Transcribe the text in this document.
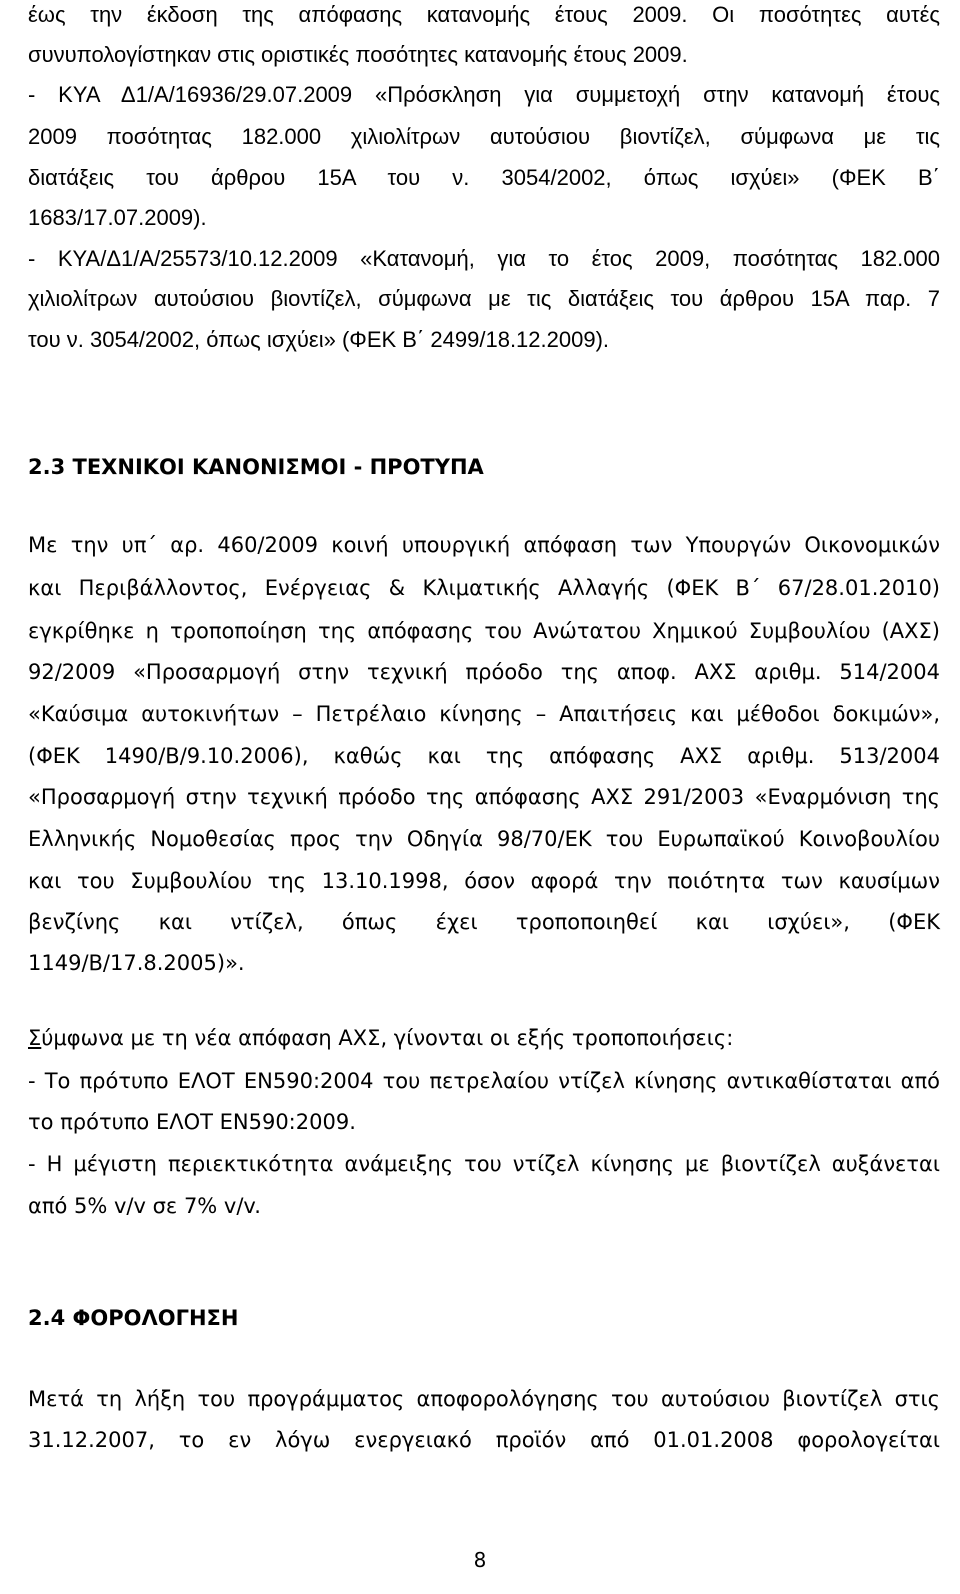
έως την έκδοση της απόφασης κατανομής έτους 2009. Οι ποσότητες αυτές

συνυπολογίστηκαν στις οριστικές ποσότητες κατανομής έτους 2009.

- ΚΥΑ Δ1/Α/16936/29.07.2009 «Πρόσκληση για συμμετοχή στην κατανομή έτους

2009 ποσότητας 182.000 χιλιολίτρων αυτούσιου βιοντίζελ, σύμφωνα με τις

διατάξεις του άρθρου 15Α του ν. 3054/2002, όπως ισχύει» (ΦΕΚ Β΄

1683/17.07.2009).

- ΚΥΑ/Δ1/Α/25573/10.12.2009 «Κατανομή, για το έτος 2009, ποσότητας 182.000

χιλιολίτρων αυτούσιου βιοντίζελ, σύμφωνα με τις διατάξεις του άρθρου 15Α παρ. 7

του ν. 3054/2002, όπως ισχύει» (ΦΕΚ Β΄ 2499/18.12.2009).

2.3 ΤΕΧΝΙΚΟΙ ΚΑΝΟΝΙΣΜΟΙ - ΠΡΟΤΥΠΑ

Με την υπ΄ αρ. 460/2009 κοινή υπουργική απόφαση των Υπουργών Οικονομικών

και Περιβάλλοντος, Ενέργειας & Κλιματικής Αλλαγής (ΦΕΚ Β΄ 67/28.01.2010)

εγκρίθηκε η τροποποίηση της απόφασης του Ανώτατου Χημικού Συμβουλίου (ΑΧΣ)

92/2009 «Προσαρμογή στην τεχνική πρόοδο της αποφ. ΑΧΣ αριθμ. 514/2004

«Καύσιμα αυτοκινήτων – Πετρέλαιο κίνησης – Απαιτήσεις και μέθοδοι δοκιμών»,

(ΦΕΚ 1490/Β/9.10.2006), καθώς και της απόφασης ΑΧΣ αριθμ. 513/2004

«Προσαρμογή στην τεχνική πρόοδο της απόφασης ΑΧΣ 291/2003 «Εναρμόνιση της

Ελληνικής Νομοθεσίας προς την Οδηγία 98/70/ΕΚ του Ευρωπαϊκού Κοινοβουλίου

και του Συμβουλίου της 13.10.1998, όσον αφορά την ποιότητα των καυσίμων

βενζίνης και ντίζελ, όπως έχει τροποποιηθεί και ισχύει», (ΦΕΚ

1149/Β/17.8.2005)».

Σύμφωνα με τη νέα απόφαση ΑΧΣ, γίνονται οι εξής τροποποιήσεις:

- Το πρότυπο ΕΛΟΤ ΕΝ590:2004 του πετρελαίου ντίζελ κίνησης αντικαθίσταται από

το πρότυπο ΕΛΟΤ ΕΝ590:2009.

- Η μέγιστη περιεκτικότητα ανάμειξης του ντίζελ κίνησης με βιοντίζελ αυξάνεται

από 5% v/v σε 7% v/v.

2.4 ΦΟΡΟΛΟΓΗΣΗ

Μετά τη λήξη του προγράμματος αποφορολόγησης του αυτούσιου βιοντίζελ στις

31.12.2007, το εν λόγω ενεργειακό προϊόν από 01.01.2008 φορολογείται

8
